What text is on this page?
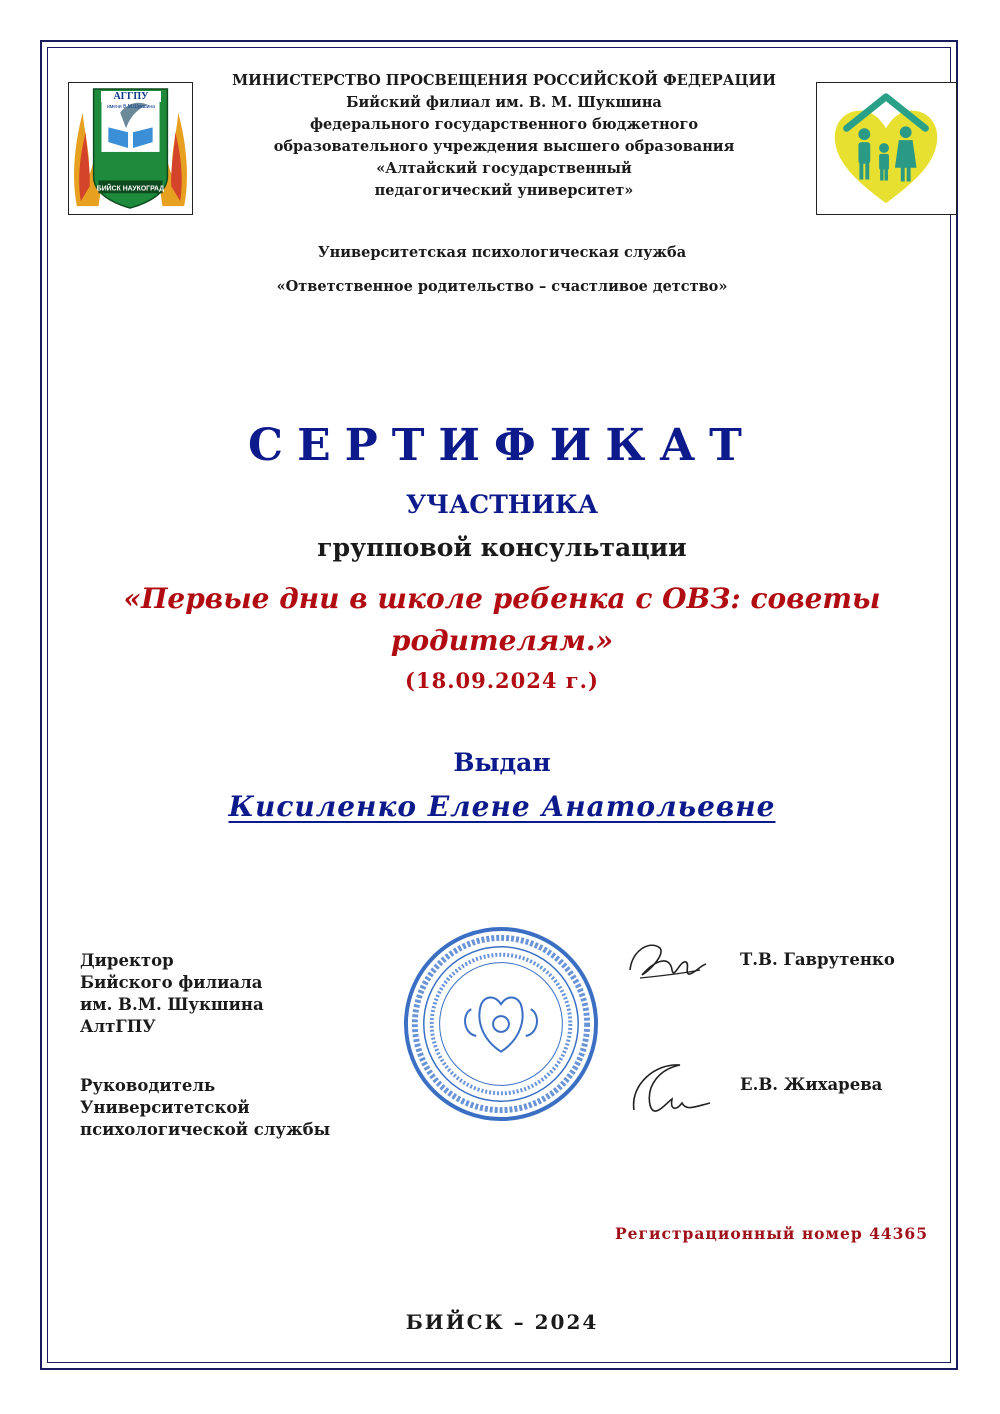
БИЙСК НАУКОГРАД
АГГПУ
имени В.М.Шукшина
МИНИСТЕРСТВО ПРОСВЕЩЕНИЯ РОССИЙСКОЙ ФЕДЕРАЦИИ
Бийский филиал им. В. М. Шукшина
федерального государственного бюджетного
образовательного учреждения высшего образования
«Алтайский государственный
педагогический университет»
Университетская психологическая служба
«Ответственное родительство – счастливое детство»
СЕРТИФИКАТ
УЧАСТНИКА
групповой консультации
«Первые дни в школе ребенка с ОВЗ: советы
родителям.»
(18.09.2024 г.)
Выдан
Кисиленко Елене Анатольевне
Директор
Бийского филиала
им. В.М. Шукшина
АлтГПУ
Руководитель
Университетской
психологической службы
Т.В. Гаврутенко
Е.В. Жихарева
Регистрационный номер 44365
БИЙСК – 2024
